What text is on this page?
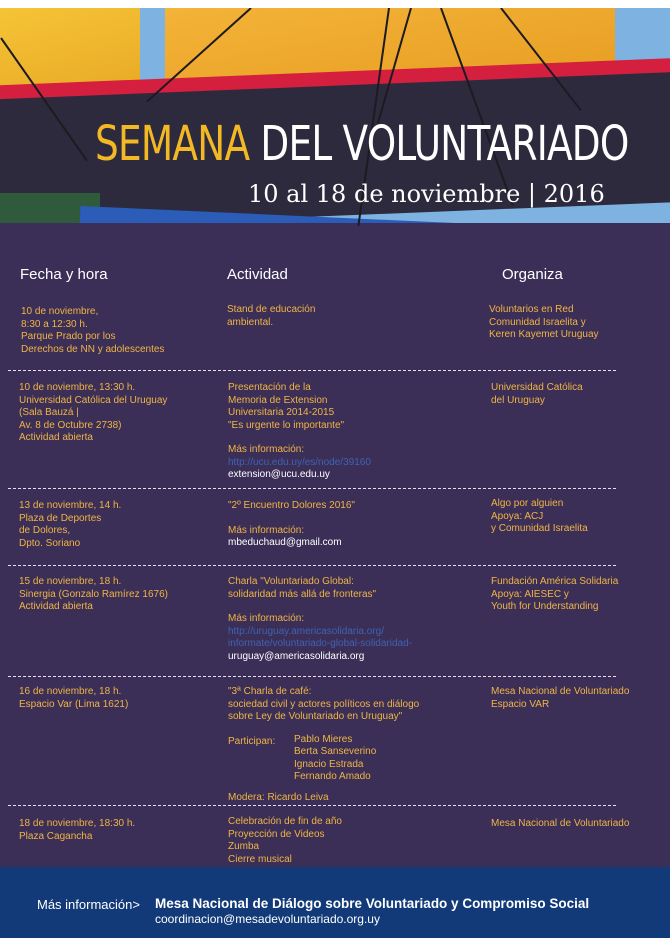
SEMANA DEL VOLUNTARIADO
10 al 18 de noviembre | 2016
Fecha y hora	Actividad	Organiza
10 de noviembre,
8:30 a 12:30 h.
Parque Prado por los
Derechos de NN y adolescentes
Stand de educación
ambiental.
Voluntarios en Red
Comunidad Israelita y
Keren Kayemet Uruguay
10 de noviembre, 13:30 h.
Universidad Católica del Uruguay
(Sala Bauzá |
Av. 8 de Octubre 2738)
Actividad abierta
Presentación de la
Memoria de Extension
Universitaria 2014-2015
"Es urgente lo importante"
Más información:
http://ucu.edu.uy/es/node/39160
extension@ucu.edu.uy
Universidad Católica
del Uruguay
13 de noviembre, 14 h.
Plaza de Deportes
de Dolores,
Dpto. Soriano
"2º Encuentro Dolores 2016"
Más información:
mbeduchaud@gmail.com
Algo por alguien
Apoya: ACJ
y Comunidad Israelita
15 de noviembre, 18 h.
Sinergia (Gonzalo Ramírez 1676)
Actividad abierta
Charla "Voluntariado Global:
solidaridad más allá de fronteras"
Más información:
http://uruguay.americasolidaria.org/
informate/voluntariado-global-solidaridad-
uruguay@americasolidaria.org
Fundación América Solidaria
Apoya: AIESEC y
Youth for Understanding
16 de noviembre, 18 h.
Espacio Var (Lima 1621)
"3ª Charla de café:
sociedad civil y actores políticos en diálogo
sobre Ley de Voluntariado en Uruguay"
Participan: Pablo Mieres
Berta Sanseverino
Ignacio Estrada
Fernando Amado
Modera: Ricardo Leiva
Mesa Nacional de Voluntariado
Espacio VAR
18 de noviembre, 18:30 h.
Plaza Cagancha
Celebración de fin de año
Proyección de Videos
Zumba
Cierre musical
Mesa Nacional de Voluntariado
Más información> Mesa Nacional de Diálogo sobre Voluntariado y Compromiso Social
coordinacion@mesadevoluntariado.org.uy
